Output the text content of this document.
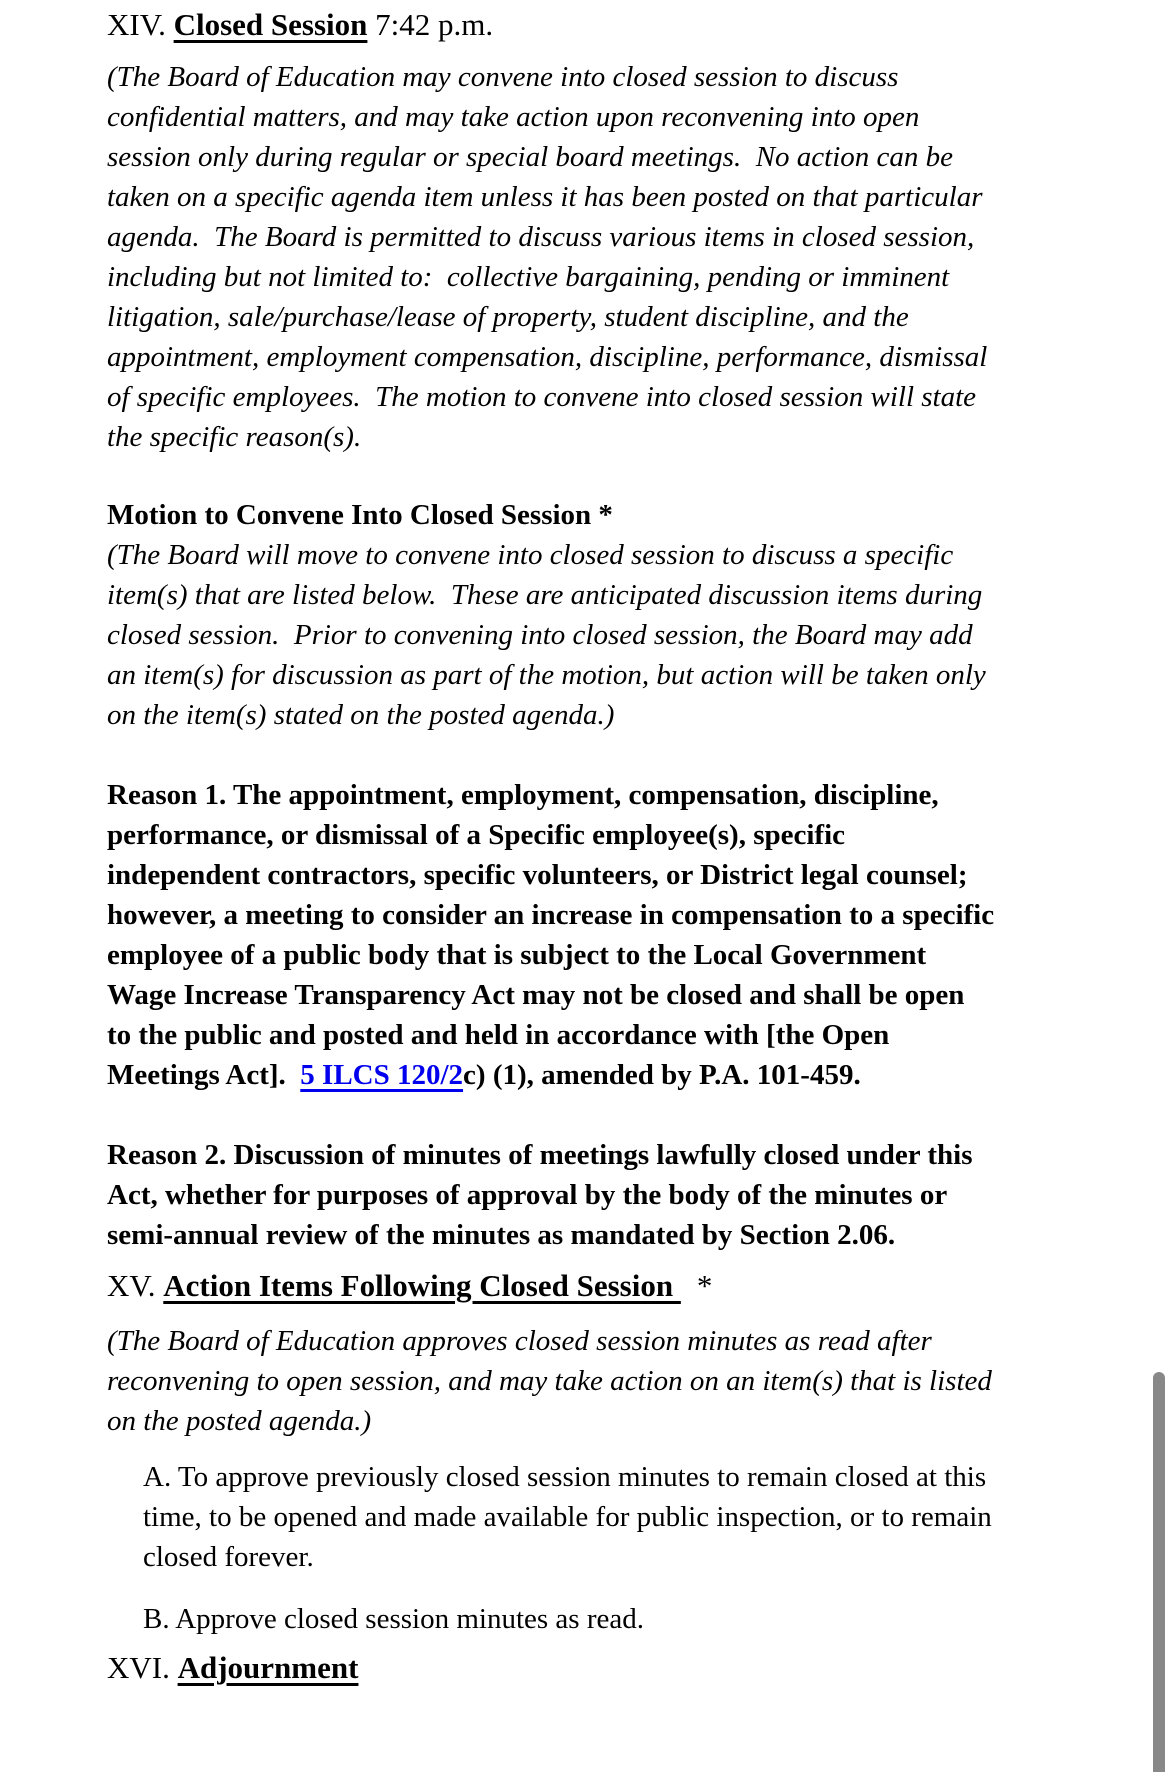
XIV. Closed Session 7:42 p.m.

(The Board of Education may convene into closed session to discuss confidential matters, and may take action upon reconvening into open session only during regular or special board meetings.  No action can be taken on a specific agenda item unless it has been posted on that particular agenda.  The Board is permitted to discuss various items in closed session, including but not limited to:  collective bargaining, pending or imminent litigation, sale/purchase/lease of property, student discipline, and the appointment, employment compensation, discipline, performance, dismissal of specific employees.  The motion to convene into closed session will state the specific reason(s).

Motion to Convene Into Closed Session *

(The Board will move to convene into closed session to discuss a specific item(s) that are listed below.  These are anticipated discussion items during closed session.  Prior to convening into closed session, the Board may add an item(s) for discussion as part of the motion, but action will be taken only on the item(s) stated on the posted agenda.)

Reason 1. The appointment, employment, compensation, discipline, performance, or dismissal of a Specific employee(s), specific independent contractors, specific volunteers, or District legal counsel; however, a meeting to consider an increase in compensation to a specific employee of a public body that is subject to the Local Government Wage Increase Transparency Act may not be closed and shall be open to the public and posted and held in accordance with [the Open Meetings Act].  5 ILCS 120/2c) (1), amended by P.A. 101-459.

Reason 2. Discussion of minutes of meetings lawfully closed under this Act, whether for purposes of approval by the body of the minutes or semi-annual review of the minutes as mandated by Section 2.06.

XV. Action Items Following Closed Session *

(The Board of Education approves closed session minutes as read after reconvening to open session, and may take action on an item(s) that is listed on the posted agenda.)

A. To approve previously closed session minutes to remain closed at this time, to be opened and made available for public inspection, or to remain closed forever.
B. Approve closed session minutes as read.
XVI. Adjournment
